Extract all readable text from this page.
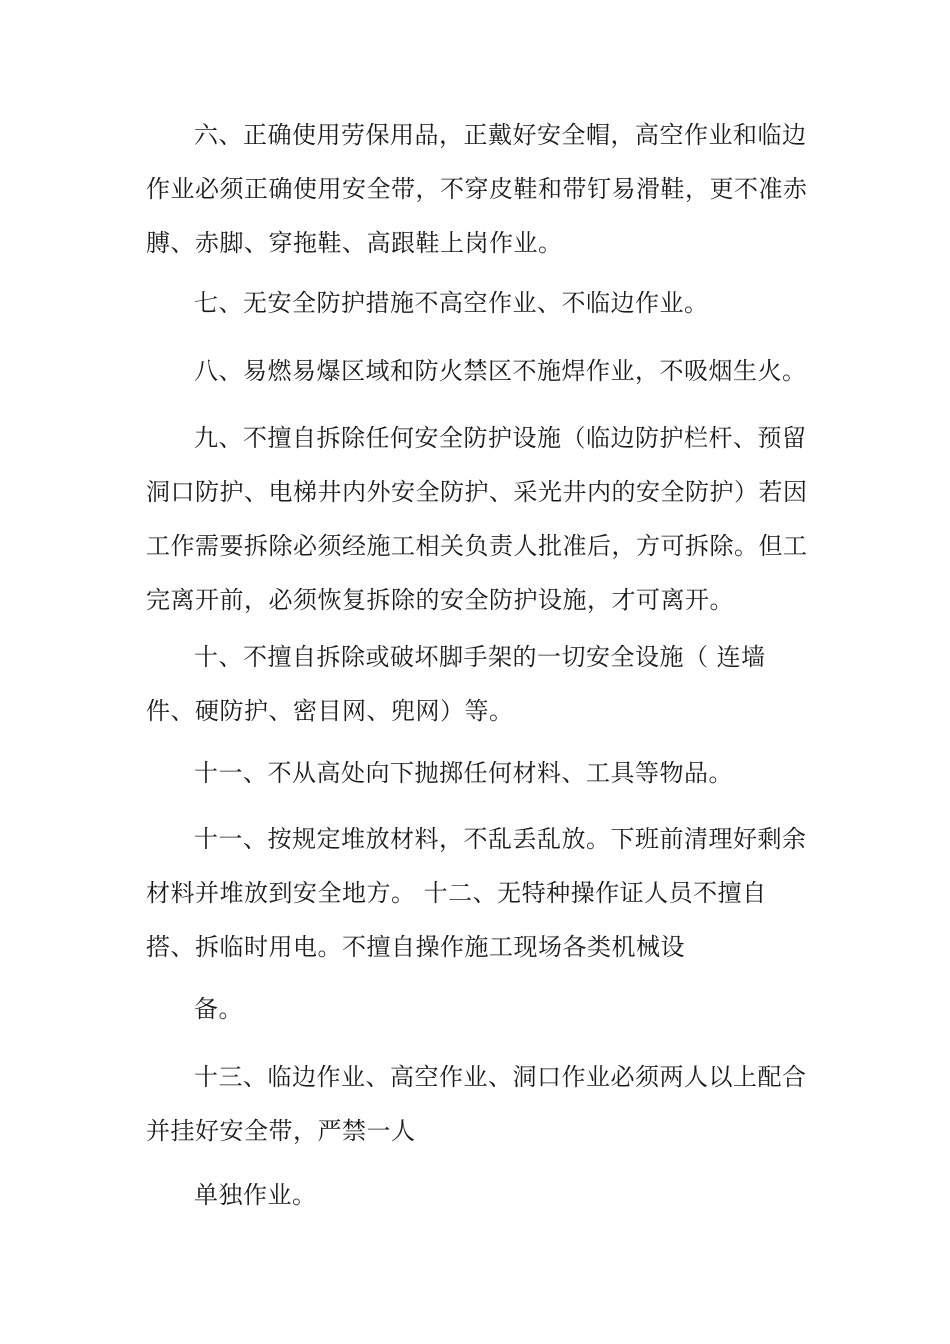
六、正确使用劳保用品，正戴好安全帽，高空作业和临边作业必须正确使用安全带，不穿皮鞋和带钉易滑鞋，更不准赤膊、赤脚、穿拖鞋、高跟鞋上岗作业。

七、无安全防护措施不高空作业、不临边作业。

八、易燃易爆区域和防火禁区不施焊作业，不吸烟生火。

九、不擅自拆除任何安全防护设施（临边防护栏杆、预留洞口防护、电梯井内外安全防护、采光井内的安全防护）若因工作需要拆除必须经施工相关负责人批准后，方可拆除。但工完离开前，必须恢复拆除的安全防护设施，才可离开。

十、不擅自拆除或破坏脚手架的一切安全设施（ 连墙件、硬防护、密目网、兜网）等。

十一、不从高处向下抛掷任何材料、工具等物品。

十一、按规定堆放材料，不乱丢乱放。下班前清理好剩余材料并堆放到安全地方。 十二、无特种操作证人员不擅自搭、拆临时用电。不擅自操作施工现场各类机械设

备。

十三、临边作业、高空作业、洞口作业必须两人以上配合并挂好安全带，严禁一人

单独作业。
